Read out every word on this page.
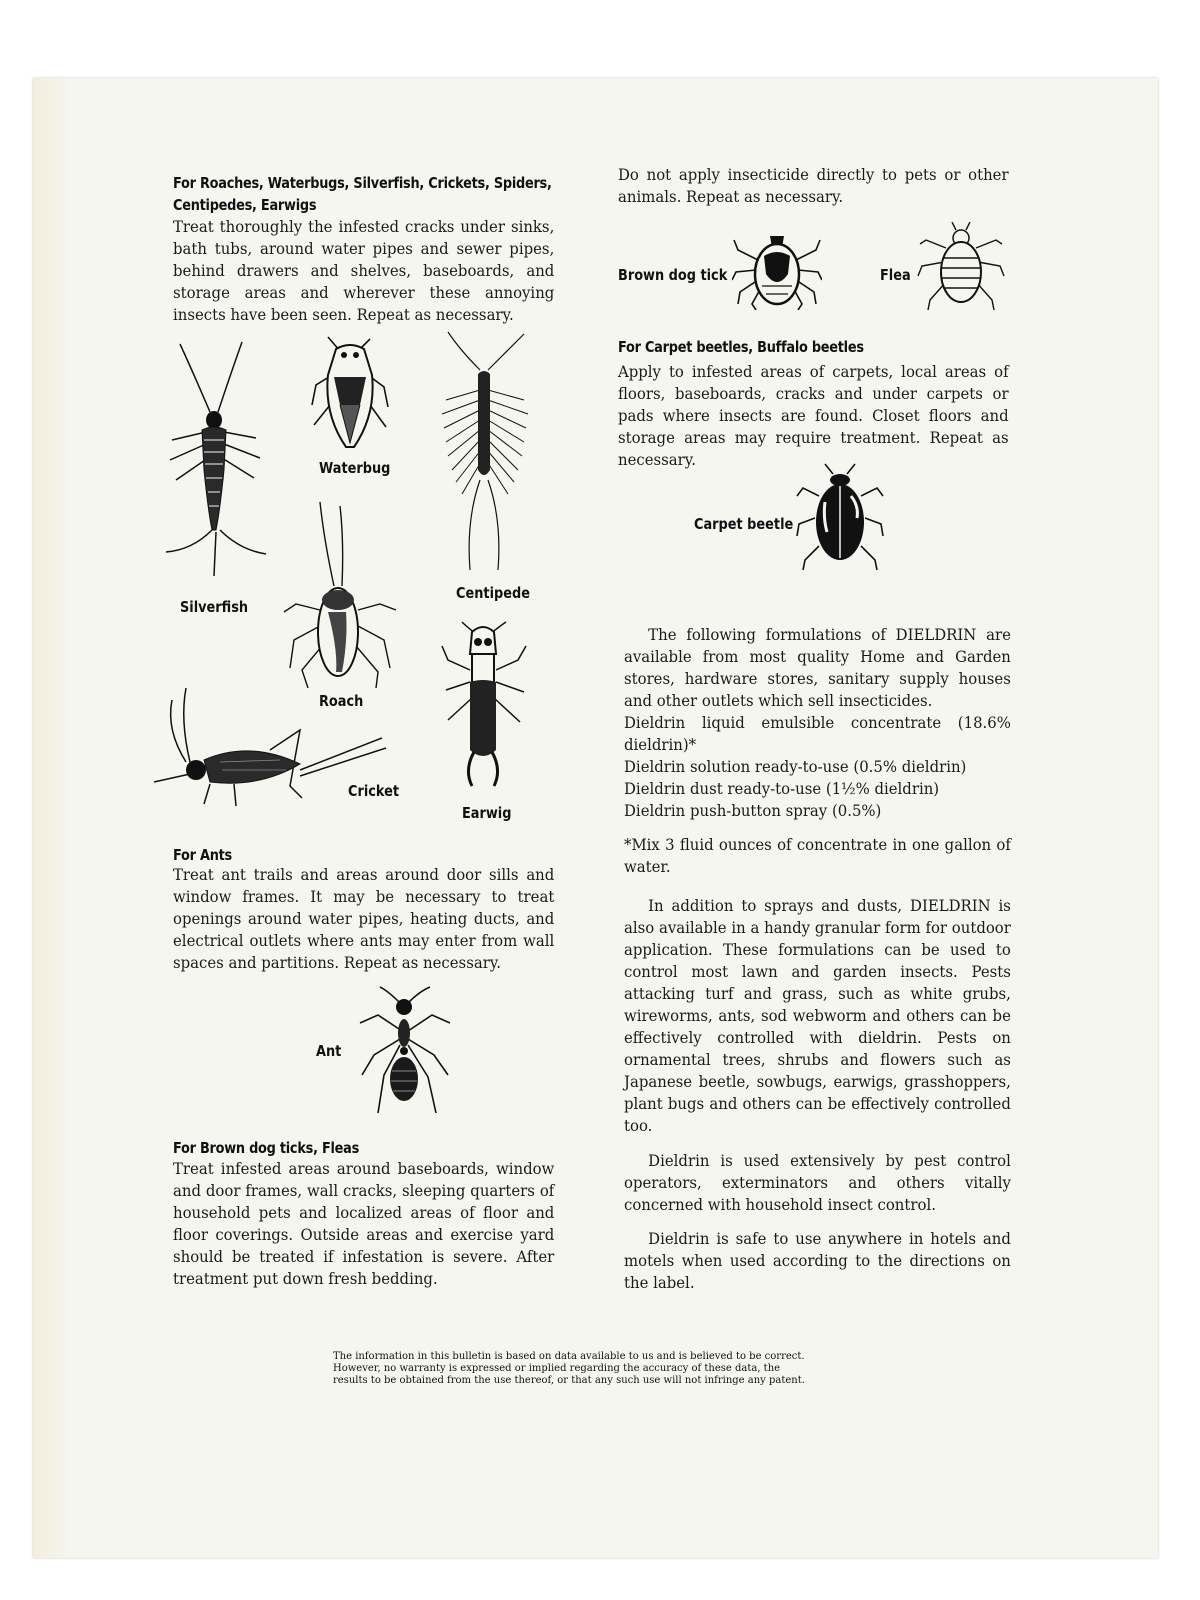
For Roaches, Waterbugs, Silverfish, Crickets, Spiders,
Centipedes, Earwigs
Treat thoroughly the infested cracks under sinks, bath tubs, around water pipes and sewer pipes, behind drawers and shelves, baseboards, and storage areas and wherever these annoying insects have been seen. Repeat as necessary.
Silverfish
Waterbug
Centipede
Roach
Cricket
Earwig
For Ants
Treat ant trails and areas around door sills and window frames. It may be necessary to treat openings around water pipes, heating ducts, and electrical outlets where ants may enter from wall spaces and partitions. Repeat as necessary.
Ant
For Brown dog ticks, Fleas
Treat infested areas around baseboards, window and door frames, wall cracks, sleeping quarters of household pets and localized areas of floor and floor coverings. Outside areas and exercise yard should be treated if infestation is severe. After treatment put down fresh bedding.
Do not apply insecticide directly to pets or other animals. Repeat as necessary.
Brown dog tick	Flea
For Carpet beetles, Buffalo beetles
Apply to infested areas of carpets, local areas of floors, baseboards, cracks and under carpets or pads where insects are found. Closet floors and storage areas may require treatment. Repeat as necessary.
Carpet beetle
The following formulations of DIELDRIN are available from most quality Home and Garden stores, hardware stores, sanitary supply houses and other outlets which sell insecticides.
Dieldrin liquid emulsible concentrate (18.6% dieldrin)*
Dieldrin solution ready-to-use (0.5% dieldrin)
Dieldrin dust ready-to-use (1½% dieldrin)
Dieldrin push-button spray (0.5%)
*Mix 3 fluid ounces of concentrate in one gallon of water.
In addition to sprays and dusts, DIELDRIN is also available in a handy granular form for outdoor application. These formulations can be used to control most lawn and garden insects. Pests attacking turf and grass, such as white grubs, wireworms, ants, sod webworm and others can be effectively controlled with dieldrin. Pests on ornamental trees, shrubs and flowers such as Japanese beetle, sowbugs, earwigs, grasshoppers, plant bugs and others can be effectively controlled too.
Dieldrin is used extensively by pest control operators, exterminators and others vitally concerned with household insect control.
Dieldrin is safe to use anywhere in hotels and motels when used according to the directions on the label.
The information in this bulletin is based on data available to us and is believed to be correct.
However, no warranty is expressed or implied regarding the accuracy of these data, the
results to be obtained from the use thereof, or that any such use will not infringe any patent.
